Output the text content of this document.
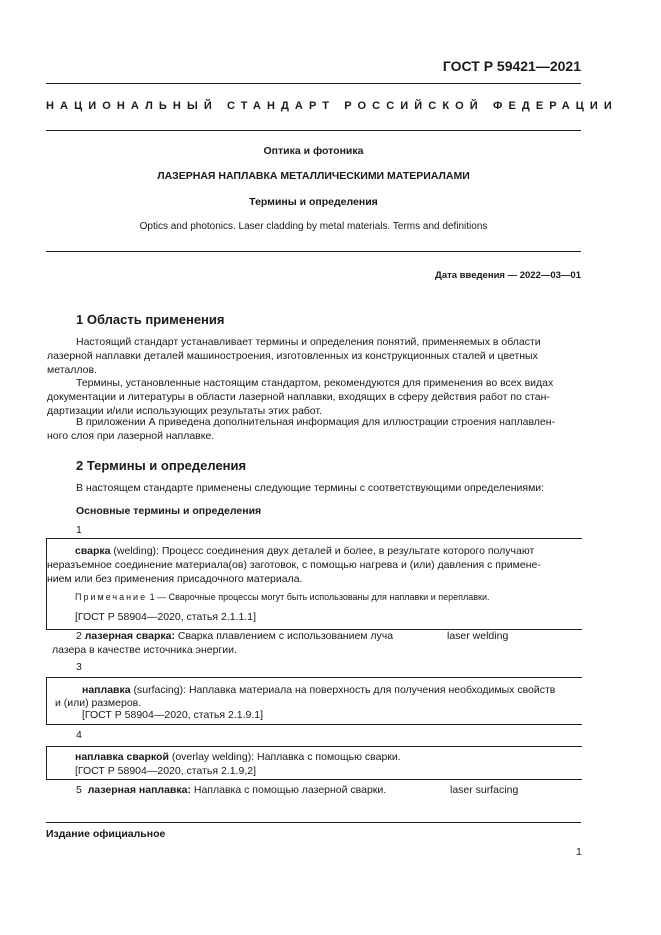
ГОСТ Р 59421—2021
НАЦИОНАЛЬНЫЙ СТАНДАРТ РОССИЙСКОЙ ФЕДЕРАЦИИ
Оптика и фотоника
ЛАЗЕРНАЯ НАПЛАВКА МЕТАЛЛИЧЕСКИМИ МАТЕРИАЛАМИ
Термины и определения
Optics and photonics. Laser cladding by metal materials. Terms and definitions
Дата введения — 2022—03—01
1 Область применения
Настоящий стандарт устанавливает термины и определения понятий, применяемых в области
лазерной наплавки деталей машиностроения, изготовленных из конструкционных сталей и цветных
металлов.
Термины, установленные настоящим стандартом, рекомендуются для применения во всех видах
документации и литературы в области лазерной наплавки, входящих в сферу действия работ по стан-
дартизации и/или использующих результаты этих работ.
В приложении А приведена дополнительная информация для иллюстрации строения наплавлен-
ного слоя при лазерной наплавке.
2 Термины и определения
В настоящем стандарте применены следующие термины с соответствующими определениями:
Основные термины и определения
1
сварка (welding): Процесс соединения двух деталей и более, в результате которого получают
неразъемное соединение материала(ов) заготовок, с помощью нагрева и (или) давления с примене-
нием или без применения присадочного материала.
Примечание 1 — Сварочные процессы могут быть использованы для наплавки и переплавки.
[ГОСТ Р 58904—2020, статья 2.1.1.1]
2 лазерная сварка: Сварка плавлением с использованием луча	laser welding
лазера в качестве источника энергии.
3
наплавка (surfacing): Наплавка материала на поверхность для получения необходимых свойств
и (или) размеров.
[ГОСТ Р 58904—2020, статья 2.1.9.1]
4
наплавка сваркой (overlay welding): Наплавка с помощью сварки.
[ГОСТ Р 58904—2020, статья 2.1.9,2]
5 лазерная наплавка: Наплавка с помощью лазерной сварки.	laser surfacing
Издание официальное
1
